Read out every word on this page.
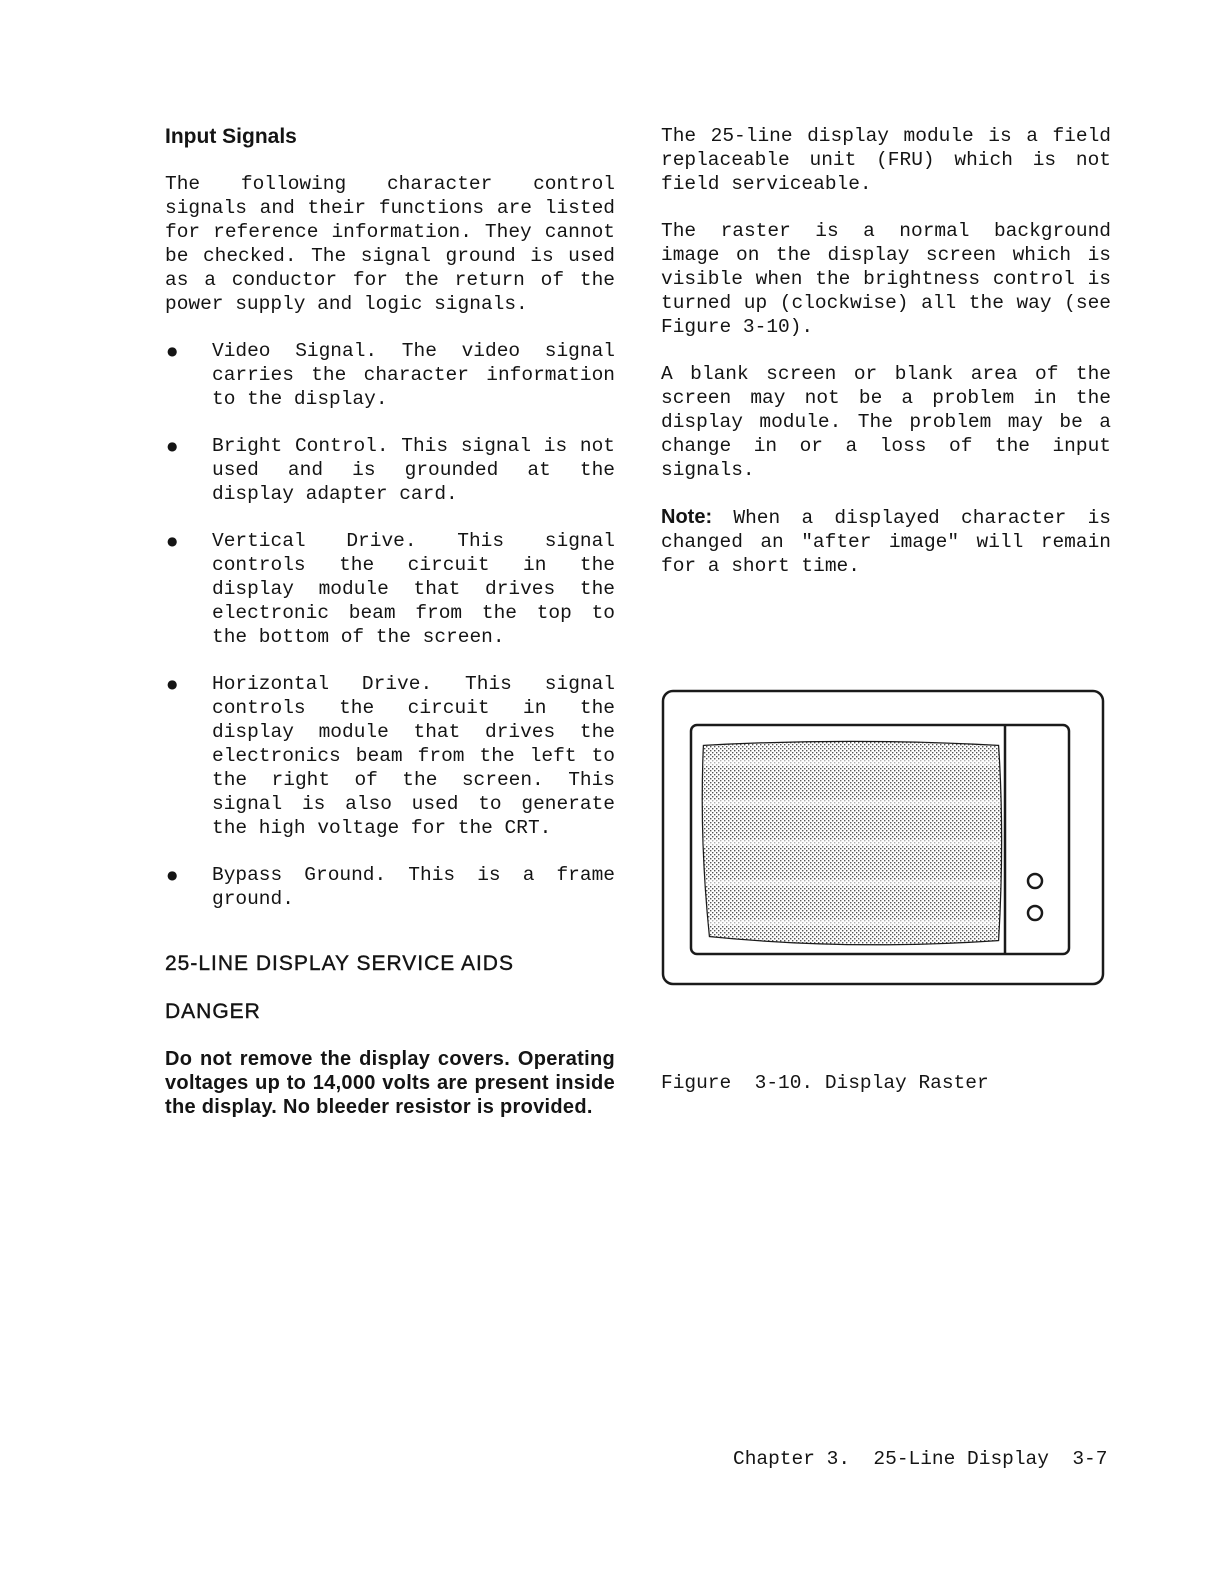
Input Signals

The following character control signals and their functions are listed for reference information. They cannot be checked. The signal ground is used as a conductor for the return of the power supply and logic signals.

● Video Signal. The video signal carries the character information to the display.
● Bright Control. This signal is not used and is grounded at the display adapter card.
● Vertical Drive. This signal controls the circuit in the display module that drives the electronic beam from the top to the bottom of the screen.
● Horizontal Drive. This signal controls the circuit in the display module that drives the electronics beam from the left to the right of the screen. This signal is also used to generate the high voltage for the CRT.
● Bypass Ground. This is a frame ground.
25-LINE DISPLAY SERVICE AIDS
DANGER

Do not remove the display covers. Operating voltages up to 14,000 volts are present inside the display. No bleeder resistor is provided.

The 25-line display module is a field replaceable unit (FRU) which is not field serviceable.

The raster is a normal background image on the display screen which is visible when the brightness control is turned up (clockwise) all the way (see Figure 3-10).

A blank screen or blank area of the screen may not be a problem in the display module. The problem may be a change in or a loss of the input signals.

Note: When a displayed character is changed an "after image" will remain for a short time.

Figure  3-10. Display Raster
Chapter 3.  25-Line Display  3-7
